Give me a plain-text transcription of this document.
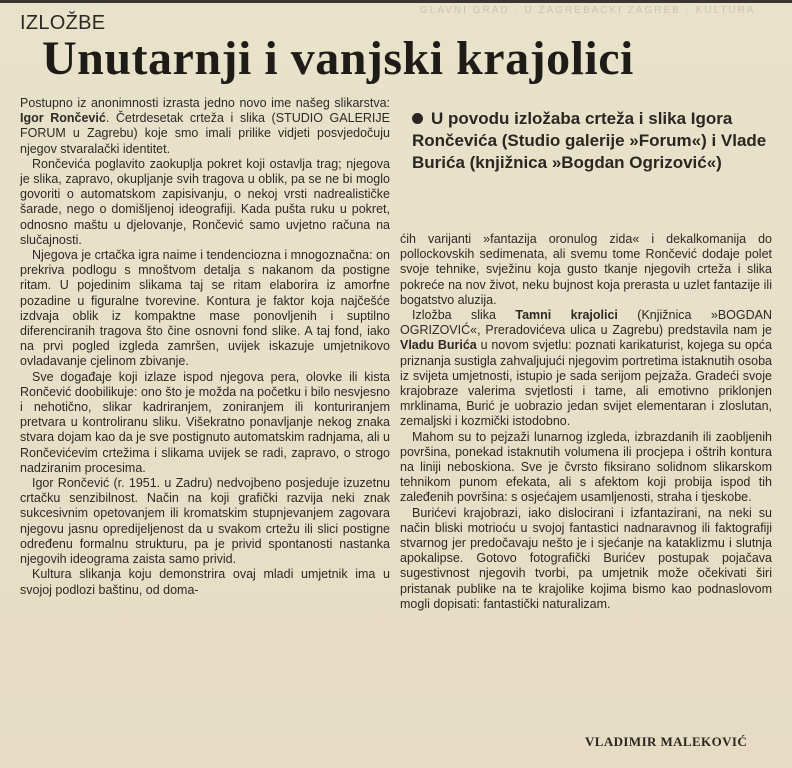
GLAVNI GRAD · U ZAGREBAČKI ZAGREB · KULTURA
IZLOŽBE
Unutarnji i vanjski krajolici
U povodu izložaba crteža i slika Igora Rončevića (Studio galerije »Forum«) i Vlade Burića (knjižnica »Bogdan Ogrizović«)

Postupno iz anonimnosti izrasta jedno novo ime našeg slikarstva: Igor Rončević. Četrdesetak crteža i slika (STUDIO GALERIJE FORUM u Zagrebu) koje smo imali prilike vidjeti posvjedočuju njegov stvaralački identitet.

Rončevića poglavito zaokuplja pokret koji ostavlja trag; njegova je slika, zapravo, okupljanje svih tragova u oblik, pa se ne bi moglo govoriti o automatskom zapisivanju, o nekoj vrsti nadrealističke šarade, nego o domišljenoj ideografiji. Kada pušta ruku u pokret, odnosno maštu u djelovanje, Rončević samo uvjetno računa na slučajnosti.

Njegova je crtačka igra naime i tendenciozna i mnogoznačna: on prekriva podlogu s mnoštvom detalja s nakanom da postigne ritam. U pojedinim slikama taj se ritam elaborira iz amorfne pozadine u figuralne tvorevine. Kontura je faktor koja najčešće izdvaja oblik iz kompaktne mase ponovljenih i suptilno diferenciranih tragova što čine osnovni fond slike. A taj fond, iako na prvi pogled izgleda zamršen, uvijek iskazuje umjetnikovo ovladavanje cjelinom zbivanje.

Sve događaje koji izlaze ispod njegova pera, olovke ili kista Rončević doobilikuje: ono što je možda na početku i bilo nesvjesno i nehotično, slikar kadriranjem, zoniranjem ili konturiranjem pretvara u kontroliranu sliku. Višekratno ponavljanje nekog znaka stvara dojam kao da je sve postignuto automatskim radnjama, ali u Rončevićevim crtežima i slikama uvijek se radi, zapravo, o strogo nadziranim procesima.

Igor Rončević (r. 1951. u Zadru) nedvojbeno posjeduje izuzetnu crtačku senzibilnost. Način na koji grafički razvija neki znak sukcesivnim opetovanjem ili kromatskim stupnjevanjem zagovara njegovu jasnu opredijeljenost da u svakom crtežu ili slici postigne određenu formalnu strukturu, pa je privid spontanosti nastanka njegovih ideograma zaista samo privid.

Kultura slikanja koju demonstrira ovaj mladi umjetnik ima u svojoj podlozi baštinu, od doma-

ćih varijanti »fantazija oronulog zida« i dekalkomanija do pollockovskih sedimenata, ali svemu tome Rončević dodaje polet svoje tehnike, svježinu koja gusto tkanje njegovih crteža i slika pokreće na nov život, neku bujnost koja prerasta u uzlet fantazije ili bogatstvo aluzija.

Izložba slika Tamni krajolici (Knjižnica »BOGDAN OGRIZOVIĆ«, Preradovićeva ulica u Zagrebu) predstavila nam je Vladu Burića u novom svjetlu: poznati karikaturist, kojega su opća priznanja sustigla zahvaljujući njegovim portretima istaknutih osoba iz svijeta umjetnosti, istupio je sada serijom pejzaža. Gradeći svoje krajobraze valerima svjetlosti i tame, ali emotivno priklonjen mrklinama, Burić je uobrazio jedan svijet elementaran i zloslutan, zemaljski i kozmički istodobno.

Mahom su to pejzaži lunarnog izgleda, izbrazdanih ili zaobljenih površina, ponekad istaknutih volumena ili procjepa i oštrih kontura na liniji neboskiona. Sve je čvrsto fiksirano solidnom slikarskom tehnikom punom efekata, ali s afektom koji probija ispod tih zaleđenih površina: s osjećajem usamljenosti, straha i tjeskobe.

Burićevi krajobrazi, iako dislocirani i izfantazirani, na neki su način bliski motrioću u svojoj fantastici nadnaravnog ili faktografiji stvarnog jer predočavaju nešto je i sjećanje na kataklizmu i slutnja apokalipse. Gotovo fotografički Burićev postupak pojačava sugestivnost njegovih tvorbi, pa umjetnik može očekivati širi pristanak publike na te krajolike kojima bismo kao podnaslovom mogli dopisati: fantastički naturalizam.

VLADIMIR MALEKOVIĆ
